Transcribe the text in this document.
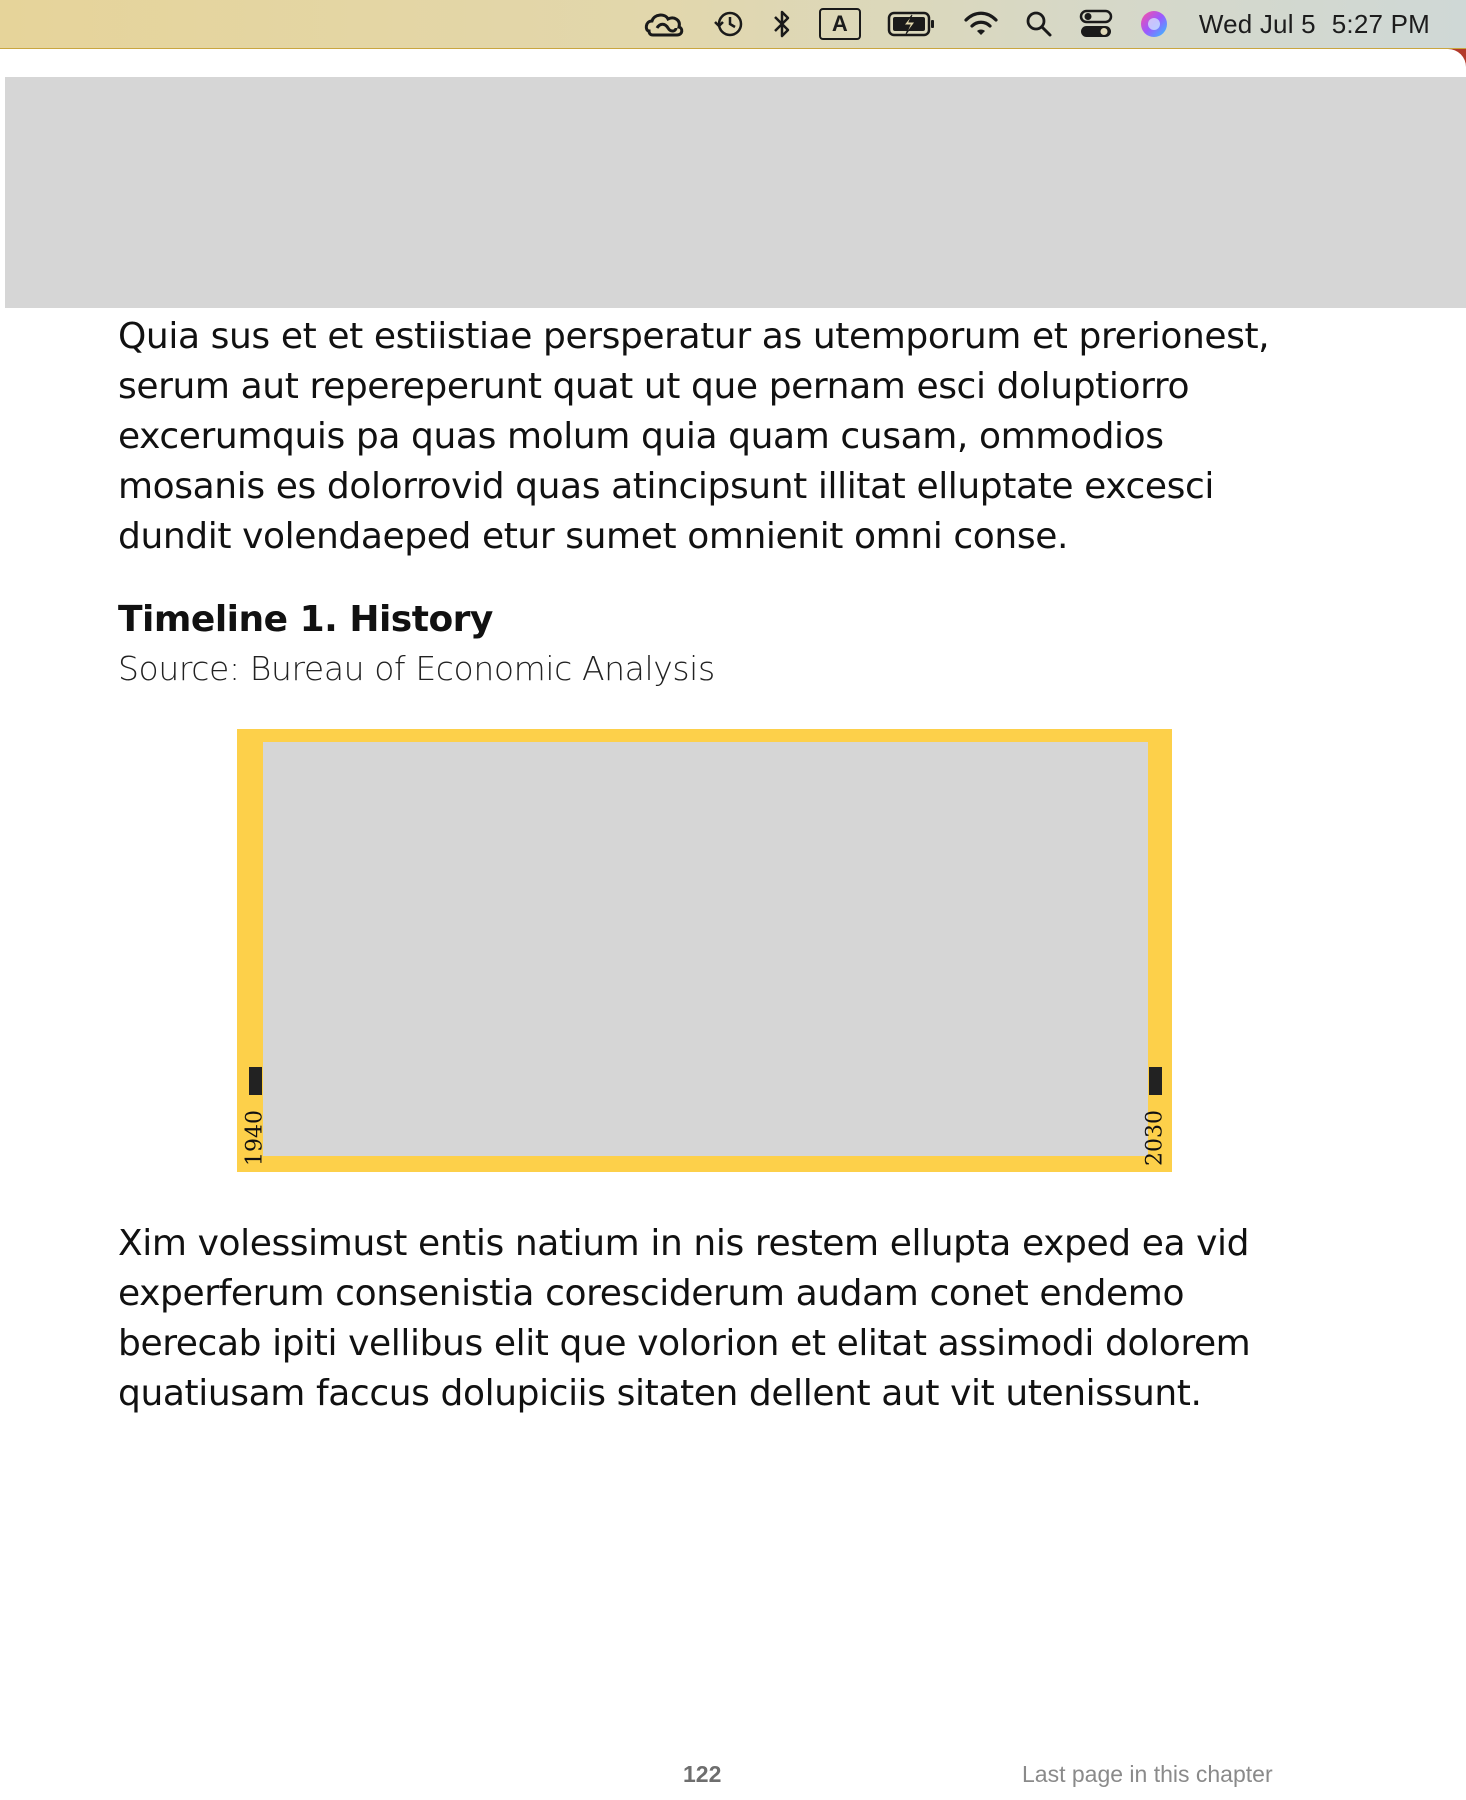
A	Wed Jul 5 5:27 PM

Quia sus et et estiistiae persperatur as utemporum et prerionest, serum aut repereperunt quat ut que pernam esci doluptiorro excerumquis pa quas molum quia quam cusam, ommodios mosanis es dolorrovid quas atincipsunt illitat elluptate excesci dundit volendaeped etur sumet omnienit omni conse.

Timeline 1. History
Source: Bureau of Economic Analysis
1940	2030

Xim volessimust entis natium in nis restem ellupta exped ea vid experferum consenistia coresciderum audam conet endemo berecab ipiti vellibus elit que volorion et elitat assimodi dolorem quatiusam faccus dolupiciis sitaten dellent aut vit utenissunt.

122	Last page in this chapter
